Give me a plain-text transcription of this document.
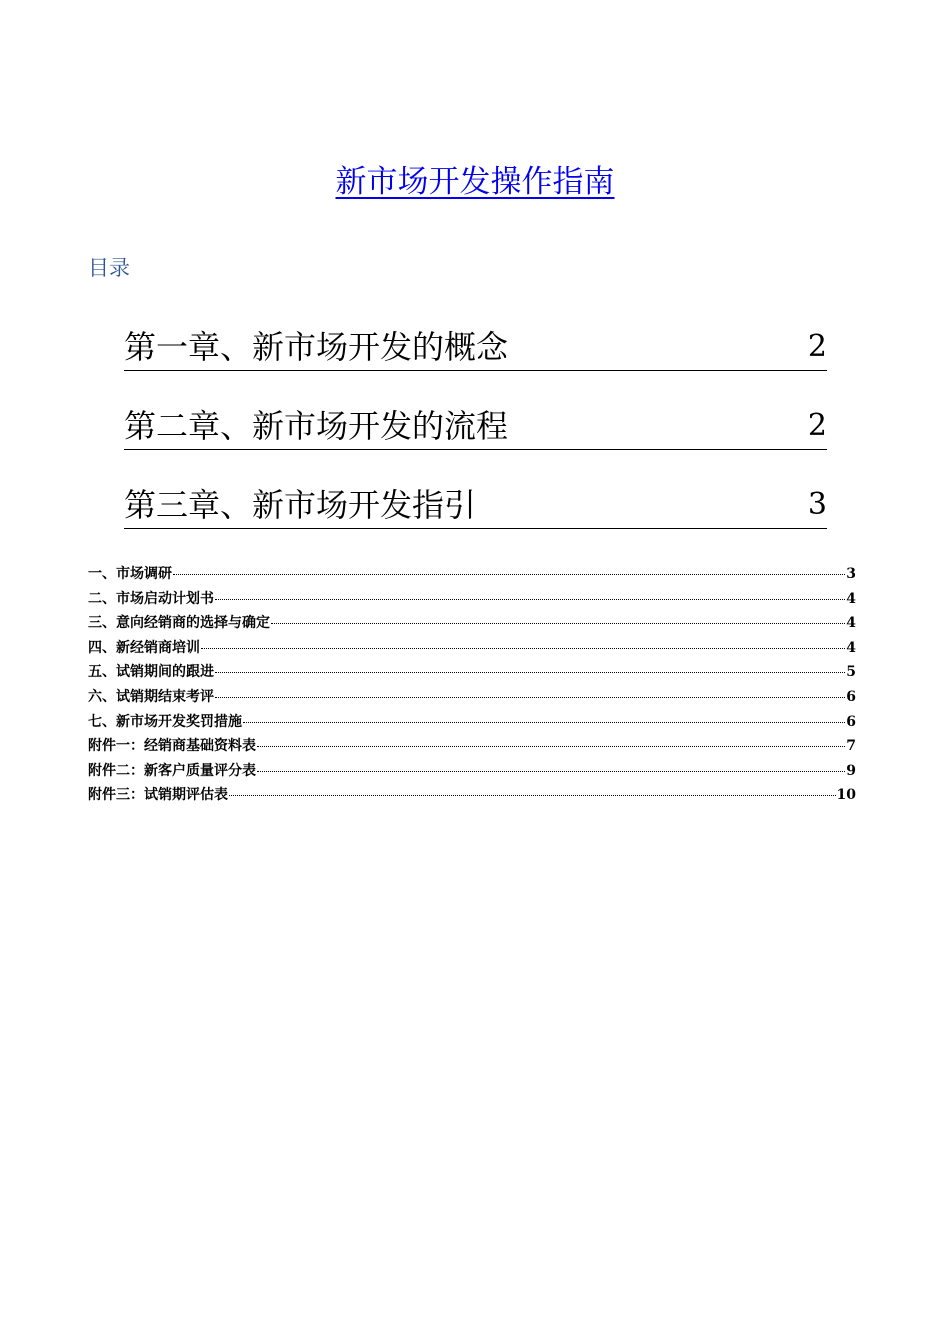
新市场开发操作指南
目录
第一章、新市场开发的概念	2
第二章、新市场开发的流程	2
第三章、新市场开发指引	3
一、市场调研	3
二、市场启动计划书	4
三、意向经销商的选择与确定	4
四、新经销商培训	4
五、试销期间的跟进	5
六、试销期结束考评	6
七、新市场开发奖罚措施	6
附件一：经销商基础资料表	7
附件二：新客户质量评分表	9
附件三：试销期评估表	10
